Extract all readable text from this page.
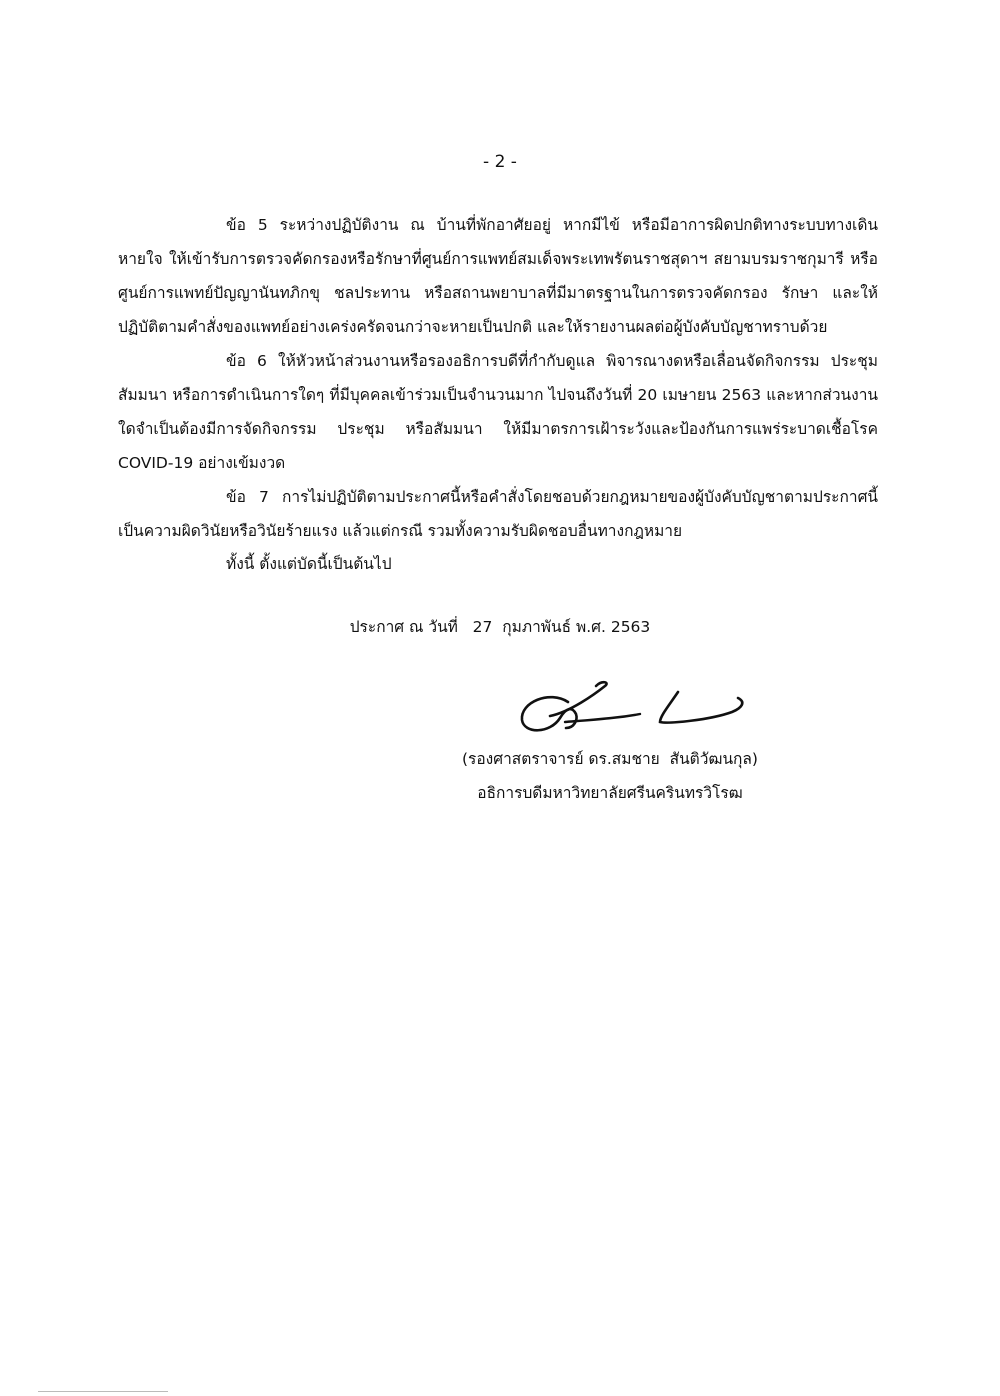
- 2 -

ข้อ 5 ระหว่างปฏิบัติงาน ณ บ้านที่พักอาศัยอยู่ หากมีไข้ หรือมีอาการผิดปกติทางระบบทางเดินหายใจ ให้เข้ารับการตรวจคัดกรองหรือรักษาที่ศูนย์การแพทย์สมเด็จพระเทพรัตนราชสุดาฯ สยามบรมราชกุมารี หรือศูนย์การแพทย์ปัญญานันทภิกขุ ชลประทาน หรือสถานพยาบาลที่มีมาตรฐานในการตรวจคัดกรอง รักษา และให้ปฏิบัติตามคำสั่งของแพทย์อย่างเคร่งครัดจนกว่าจะหายเป็นปกติ และให้รายงานผลต่อผู้บังคับบัญชาทราบด้วย

ข้อ 6 ให้หัวหน้าส่วนงานหรือรองอธิการบดีที่กำกับดูแล พิจารณางดหรือเลื่อนจัดกิจกรรม ประชุม สัมมนา หรือการดำเนินการใดๆ ที่มีบุคคลเข้าร่วมเป็นจำนวนมาก ไปจนถึงวันที่ 20 เมษายน 2563 และหากส่วนงานใดจำเป็นต้องมีการจัดกิจกรรม ประชุม หรือสัมมนา ให้มีมาตรการเฝ้าระวังและป้องกันการแพร่ระบาดเชื้อโรค COVID-19 อย่างเข้มงวด

ข้อ 7 การไม่ปฏิบัติตามประกาศนี้หรือคำสั่งโดยชอบด้วยกฎหมายของผู้บังคับบัญชาตามประกาศนี้ เป็นความผิดวินัยหรือวินัยร้ายแรง แล้วแต่กรณี รวมทั้งความรับผิดชอบอื่นทางกฎหมาย

ทั้งนี้ ตั้งแต่บัดนี้เป็นต้นไป
ประกาศ ณ วันที่ 27 กุมภาพันธ์ พ.ศ. 2563
(รองศาสตราจารย์ ดร.สมชาย  สันติวัฒนกุล)
อธิการบดีมหาวิทยาลัยศรีนครินทรวิโรฒ
